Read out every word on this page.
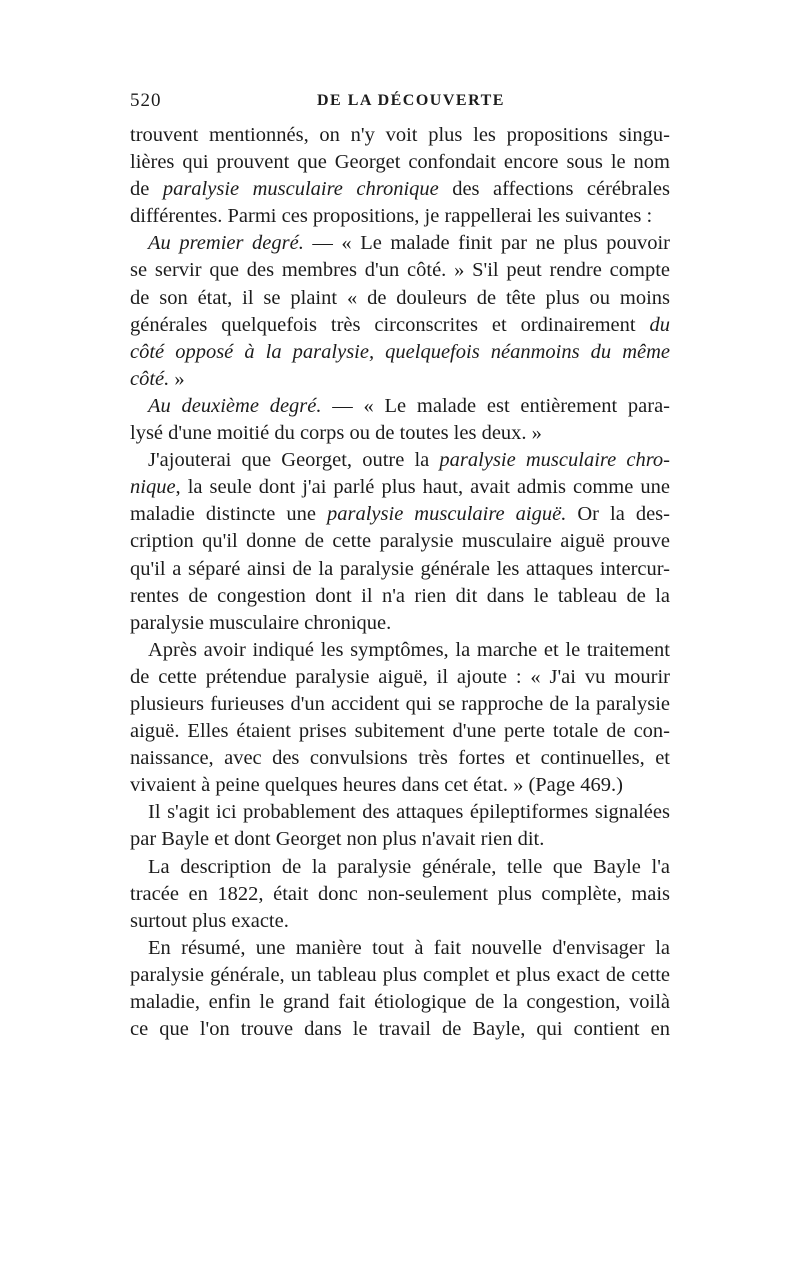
520	DE LA DÉCOUVERTE

trouvent mentionnés, on n'y voit plus les propositions singu-
lières qui prouvent que Georget confondait encore sous le nom
de paralysie musculaire chronique des affections cérébrales
différentes. Parmi ces propositions, je rappellerai les suivantes :

Au premier degré. — « Le malade finit par ne plus pouvoir
se servir que des membres d'un côté. » S'il peut rendre compte
de son état, il se plaint « de douleurs de tête plus ou moins
générales quelquefois très circonscrites et ordinairement du
côté opposé à la paralysie, quelquefois néanmoins du même
côté. »

Au deuxième degré. — « Le malade est entièrement para-
lysé d'une moitié du corps ou de toutes les deux. »

J'ajouterai que Georget, outre la paralysie musculaire chro-
nique, la seule dont j'ai parlé plus haut, avait admis comme une
maladie distincte une paralysie musculaire aiguë. Or la des-
cription qu'il donne de cette paralysie musculaire aiguë prouve
qu'il a séparé ainsi de la paralysie générale les attaques intercur-
rentes de congestion dont il n'a rien dit dans le tableau de la
paralysie musculaire chronique.

Après avoir indiqué les symptômes, la marche et le traitement
de cette prétendue paralysie aiguë, il ajoute : « J'ai vu mourir
plusieurs furieuses d'un accident qui se rapproche de la paralysie
aiguë. Elles étaient prises subitement d'une perte totale de con-
naissance, avec des convulsions très fortes et continuelles, et
vivaient à peine quelques heures dans cet état. » (Page 469.)

Il s'agit ici probablement des attaques épileptiformes signalées
par Bayle et dont Georget non plus n'avait rien dit.

La description de la paralysie générale, telle que Bayle l'a
tracée en 1822, était donc non-seulement plus complète, mais
surtout plus exacte.

En résumé, une manière tout à fait nouvelle d'envisager la
paralysie générale, un tableau plus complet et plus exact de cette
maladie, enfin le grand fait étiologique de la congestion, voilà
ce que l'on trouve dans le travail de Bayle, qui contient en
